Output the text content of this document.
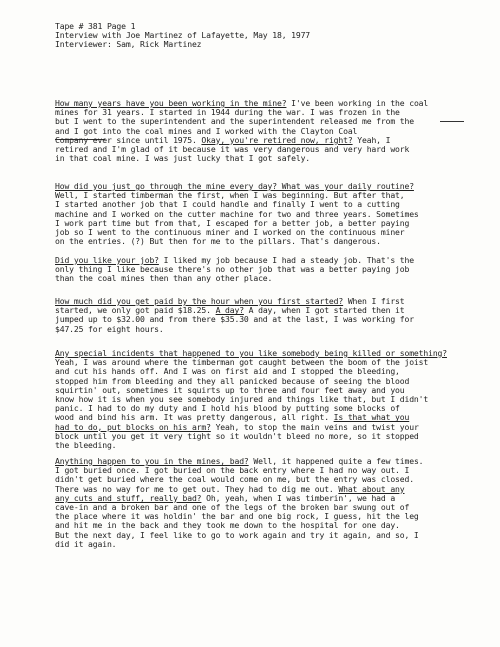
Tape # 381 Page 1
Interview with Joe Martinez of Lafayette, May 18, 1977
Interviewer: Sam, Rick Martinez
How many years have you been working in the mine? I've been working in the coal
mines for 31 years. I started in 1944 during the war. I was frozen in the
but I went to the superintendent and the superintendent released me from the
and I got into the coal mines and I worked with the Clayton Coal
Company ever since until 1975. Okay, you're retired now, right? Yeah, I
retired and I'm glad of it because it was very dangerous and very hard work
in that coal mine. I was just lucky that I got safely.
How did you just go through the mine every day? What was your daily routine?
Well, I started timberman the first, when I was beginning. But after that,
I started another job that I could handle and finally I went to a cutting
machine and I worked on the cutter machine for two and three years. Sometimes
I work part time but from that, I escaped for a better job, a better paying
job so I went to the continuous miner and I worked on the continuous miner
on the entries. (?) But then for me to the pillars. That's dangerous.
Did you like your job? I liked my job because I had a steady job. That's the
only thing I like because there's no other job that was a better paying job
than the coal mines then than any other place.
How much did you get paid by the hour when you first started? When I first
started, we only got paid $18.25. A day? A day, when I got started then it
jumped up to $32.00 and from there $35.30 and at the last, I was working for
$47.25 for eight hours.
Any special incidents that happened to you like somebody being killed or something?
Yeah, I was around where the timberman got caught between the boom of the joist
and cut his hands off. And I was on first aid and I stopped the bleeding,
stopped him from bleeding and they all panicked because of seeing the blood
squirtin' out, sometimes it squirts up to three and four feet away and you
know how it is when you see somebody injured and things like that, but I didn't
panic. I had to do my duty and I hold his blood by putting some blocks of
wood and bind his arm. It was pretty dangerous, all right. Is that what you
had to do, put blocks on his arm? Yeah, to stop the main veins and twist your
block until you get it very tight so it wouldn't bleed no more, so it stopped
the bleeding.
Anything happen to you in the mines, bad? Well, it happened quite a few times.
I got buried once. I got buried on the back entry where I had no way out. I
didn't get buried where the coal would come on me, but the entry was closed.
There was no way for me to get out. They had to dig me out. What about any
any cuts and stuff, really bad? Oh, yeah, when I was timberin', we had a
cave-in and a broken bar and one of the legs of the broken bar swung out of
the place where it was holdin' the bar and one big rock, I guess, hit the leg
and hit me in the back and they took me down to the hospital for one day.
But the next day, I feel like to go to work again and try it again, and so, I
did it again.
